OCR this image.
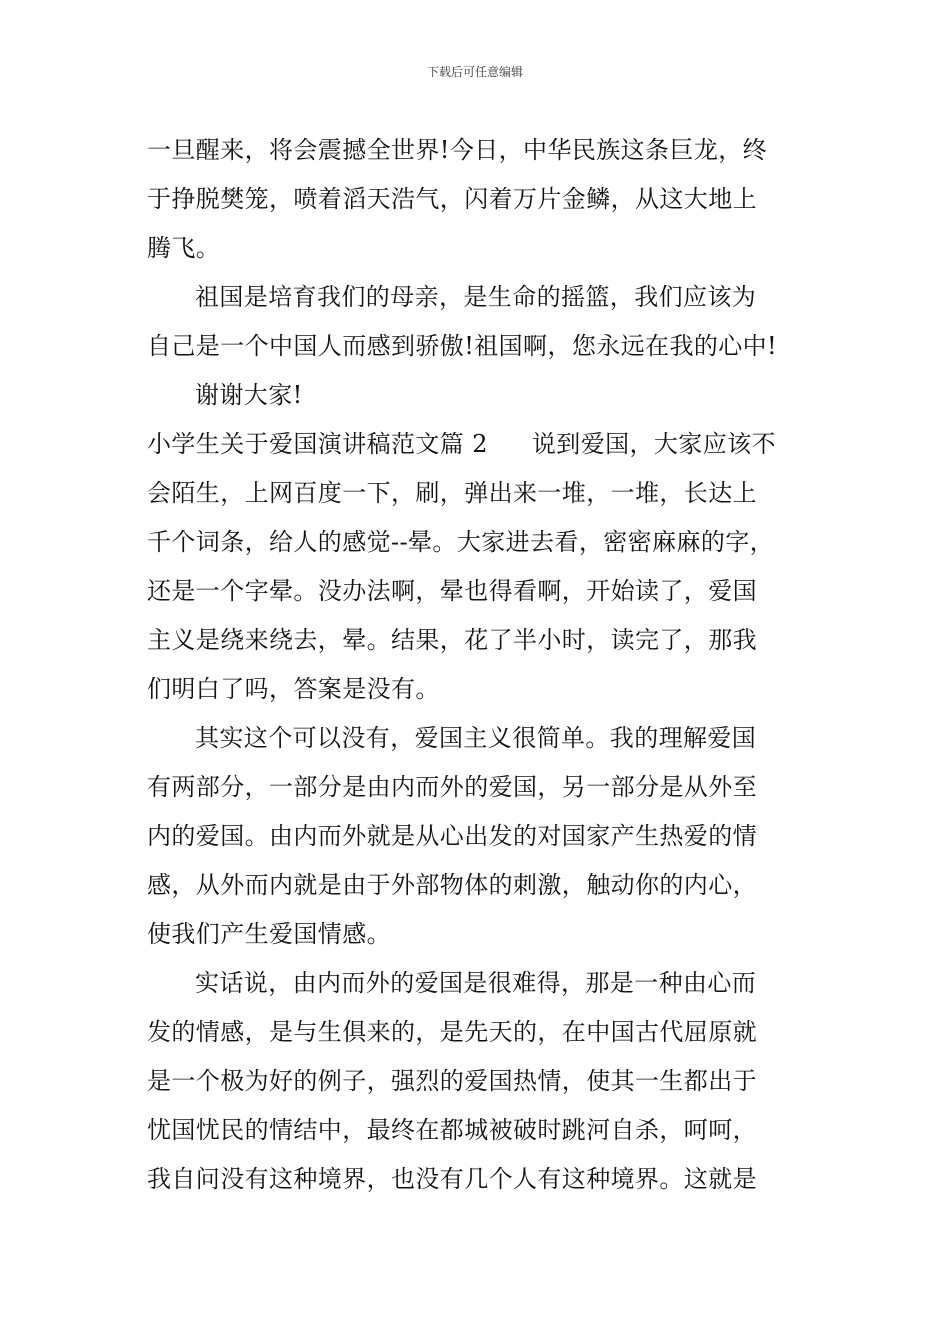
下载后可任意编辑
一旦醒来，将会震撼全世界!今日，中华民族这条巨龙，终
于挣脱樊笼，喷着滔天浩气，闪着万片金鳞，从这大地上
腾飞。
祖国是培育我们的母亲，是生命的摇篮，我们应该为
自己是一个中国人而感到骄傲!祖国啊，您永远在我的心中!
谢谢大家!
小学生关于爱国演讲稿范文篇 2 说到爱国，大家应该不
会陌生，上网百度一下，刷，弹出来一堆，一堆，长达上
千个词条，给人的感觉--晕。大家进去看，密密麻麻的字，
还是一个字晕。没办法啊，晕也得看啊，开始读了，爱国
主义是绕来绕去，晕。结果，花了半小时，读完了，那我
们明白了吗，答案是没有。
其实这个可以没有，爱国主义很简单。我的理解爱国
有两部分，一部分是由内而外的爱国，另一部分是从外至
内的爱国。由内而外就是从心出发的对国家产生热爱的情
感，从外而内就是由于外部物体的刺激，触动你的内心，
使我们产生爱国情感。
实话说，由内而外的爱国是很难得，那是一种由心而
发的情感，是与生俱来的，是先天的，在中国古代屈原就
是一个极为好的例子，强烈的爱国热情，使其一生都出于
忧国忧民的情结中，最终在都城被破时跳河自杀，呵呵，
我自问没有这种境界，也没有几个人有这种境界。这就是
